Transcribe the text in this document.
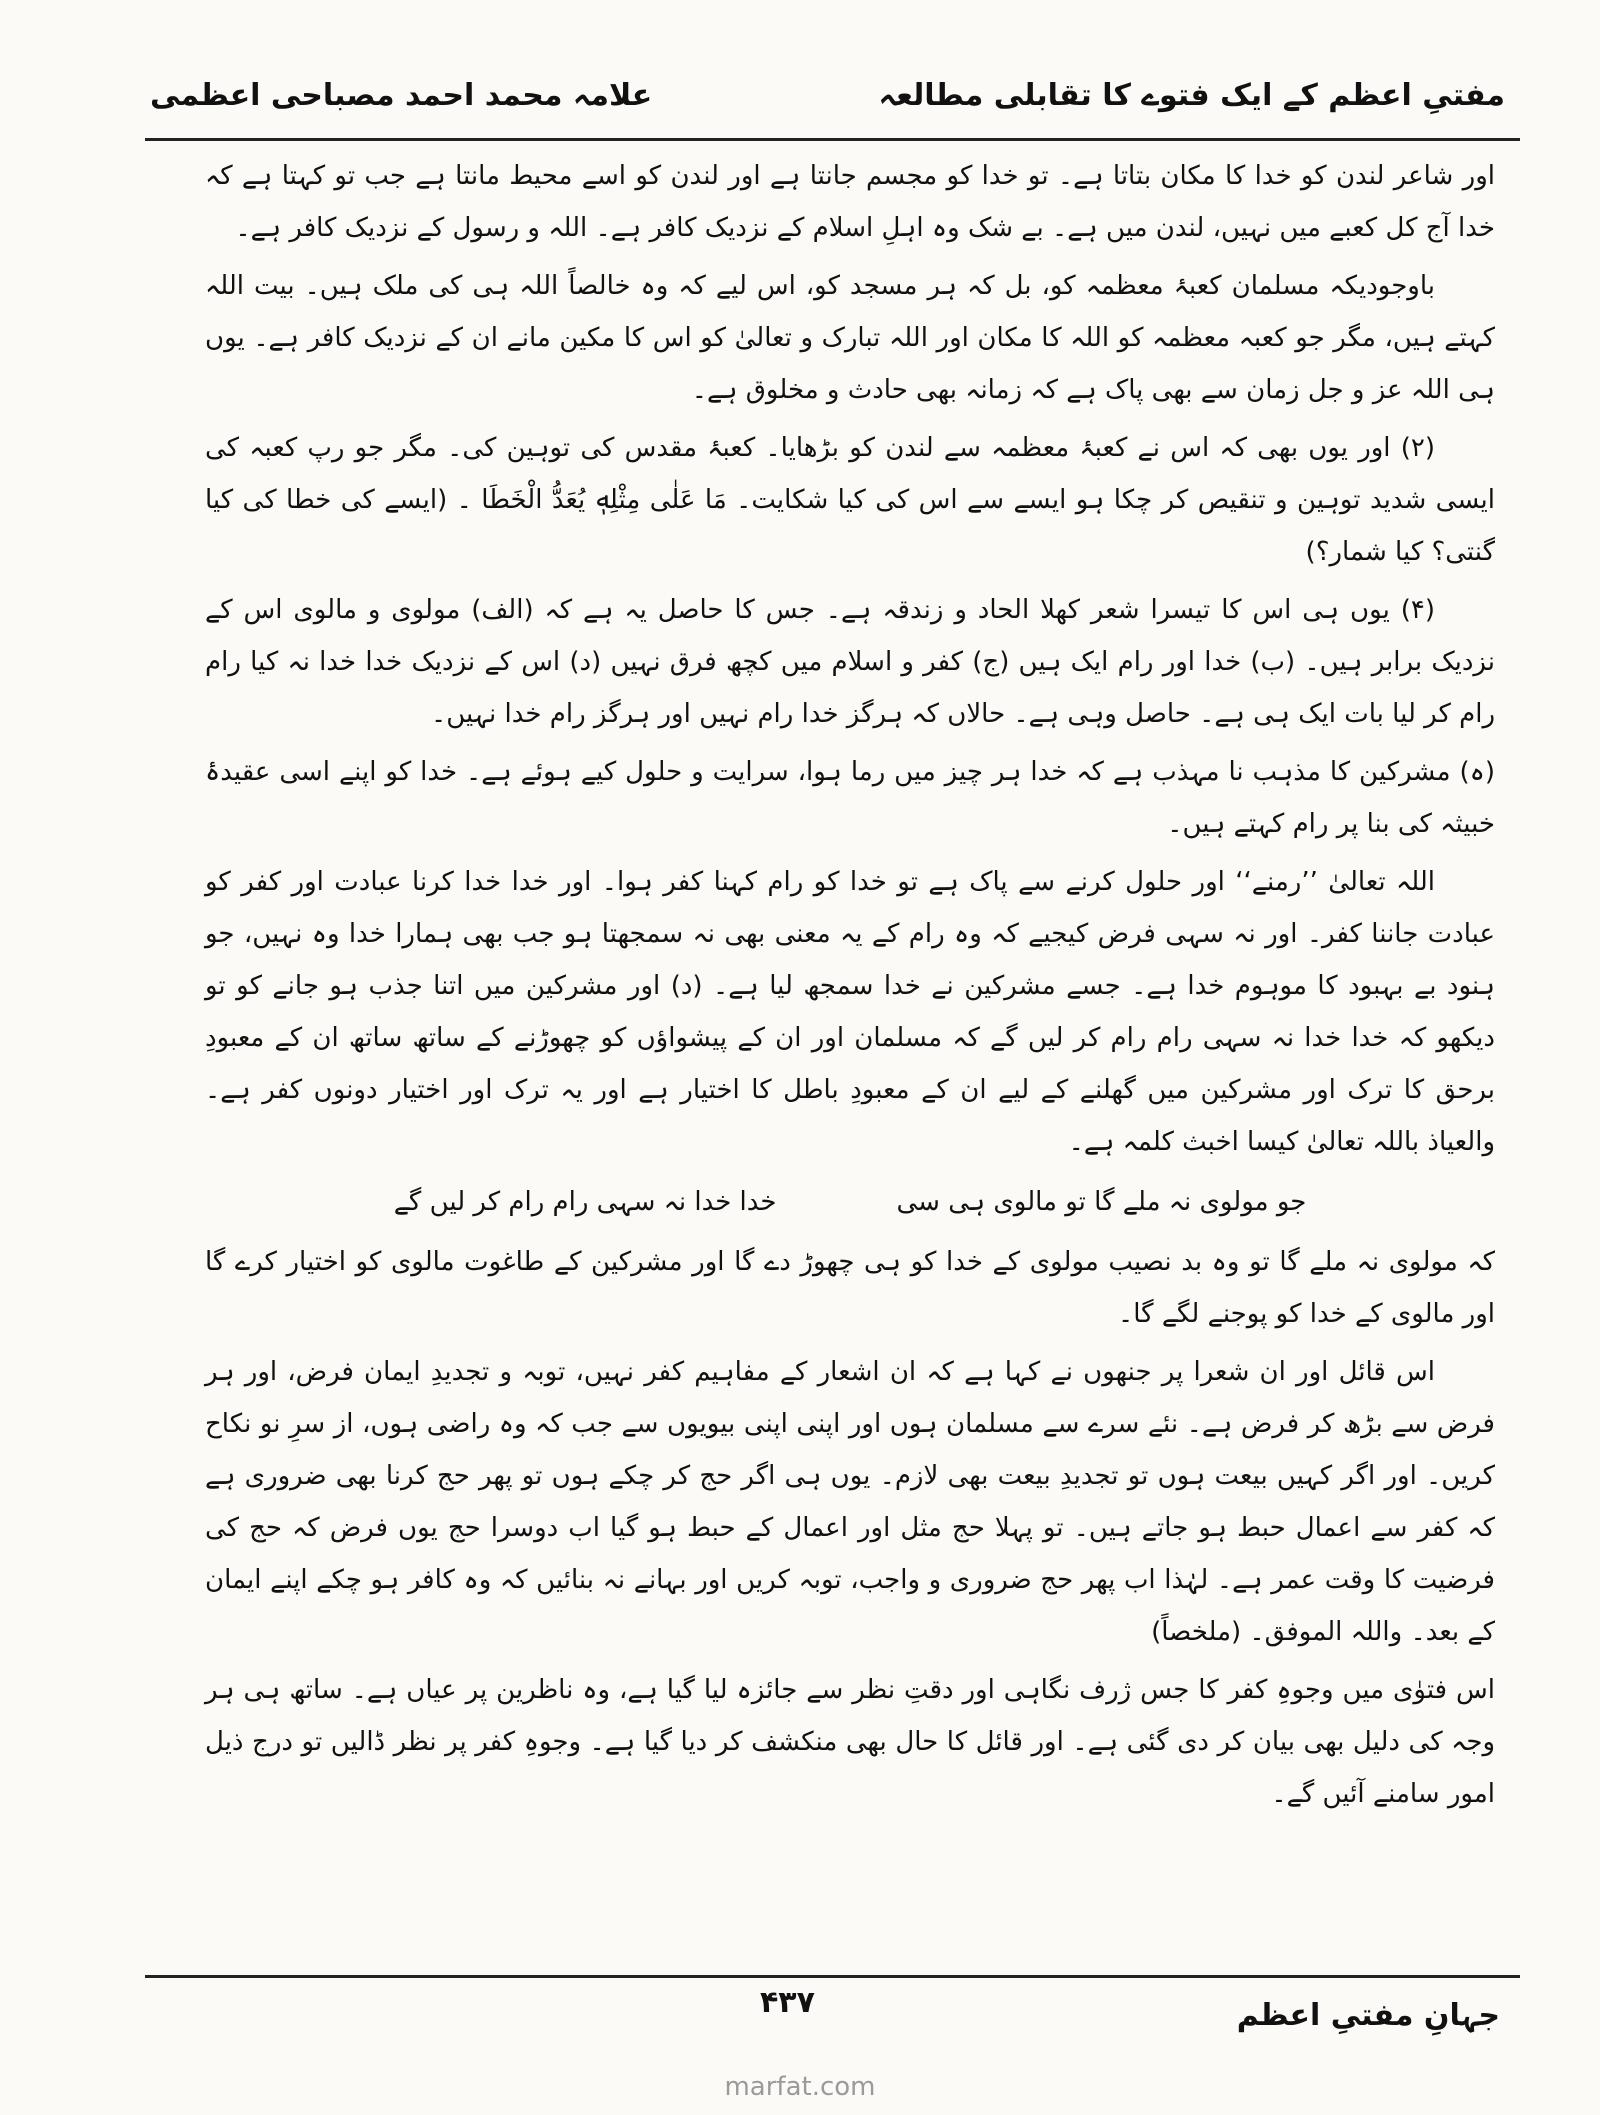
مفتیِ اعظم کے ایک فتوے کا تقابلی مطالعہ
علامہ محمد احمد مصباحی اعظمی

اور شاعر لندن کو خدا کا مکان بتاتا ہے۔ تو خدا کو مجسم جانتا ہے اور لندن کو اسے محیط مانتا ہے جب تو کہتا ہے کہ خدا آج کل کعبے میں نہیں، لندن میں ہے۔ بے شک وہ اہلِ اسلام کے نزدیک کافر ہے۔ اللہ و رسول کے نزدیک کافر ہے۔

باوجودیکہ مسلمان کعبۂ معظمہ کو، بل کہ ہر مسجد کو، اس لیے کہ وہ خالصاً اللہ ہی کی ملک ہیں۔ بیت اللہ کہتے ہیں، مگر جو کعبہ معظمہ کو اللہ کا مکان اور اللہ تبارک و تعالیٰ کو اس کا مکین مانے ان کے نزدیک کافر ہے۔ یوں ہی اللہ عز و جل زمان سے بھی پاک ہے کہ زمانہ بھی حادث و مخلوق ہے۔

(۲) اور یوں بھی کہ اس نے کعبۂ معظمہ سے لندن کو بڑھایا۔ کعبۂ مقدس کی توہین کی۔ مگر جو رپ کعبہ کی ایسی شدید توہین و تنقیص کر چکا ہو ایسے سے اس کی کیا شکایت۔ مَا عَلٰی مِثْلِهٖ یُعَدُّ الْخَطَا ۔ (ایسے کی خطا کی کیا گنتی؟ کیا شمار؟)

(۴) یوں ہی اس کا تیسرا شعر کھلا الحاد و زندقہ ہے۔ جس کا حاصل یہ ہے کہ (الف) مولوی و مالوی اس کے نزدیک برابر ہیں۔ (ب) خدا اور رام ایک ہیں (ج) کفر و اسلام میں کچھ فرق نہیں (د) اس کے نزدیک خدا خدا نہ کیا رام رام کر لیا بات ایک ہی ہے۔ حاصل وہی ہے۔ حالاں کہ ہرگز خدا رام نہیں اور ہرگز رام خدا نہیں۔

(ہ) مشرکین کا مذہب نا مہذب ہے کہ خدا ہر چیز میں رما ہوا، سرایت و حلول کیے ہوئے ہے۔ خدا کو اپنے اسی عقیدۂ خبیثہ کی بنا پر رام کہتے ہیں۔

اللہ تعالیٰ ’’رمنے‘‘ اور حلول کرنے سے پاک ہے تو خدا کو رام کہنا کفر ہوا۔ اور خدا خدا کرنا عبادت اور کفر کو عبادت جاننا کفر۔ اور نہ سہی فرض کیجیے کہ وہ رام کے یہ معنی بھی نہ سمجھتا ہو جب بھی ہمارا خدا وہ نہیں، جو ہنود بے بہبود کا موہوم خدا ہے۔ جسے مشرکین نے خدا سمجھ لیا ہے۔ (د) اور مشرکین میں اتنا جذب ہو جانے کو تو دیکھو کہ خدا خدا نہ سہی رام رام کر لیں گے کہ مسلمان اور ان کے پیشواؤں کو چھوڑنے کے ساتھ ساتھ ان کے معبودِ برحق کا ترک اور مشرکین میں گھلنے کے لیے ان کے معبودِ باطل کا اختیار ہے اور یہ ترک اور اختیار دونوں کفر ہے۔ والعیاذ باللہ تعالیٰ کیسا اخبث کلمہ ہے۔

جو مولوی نہ ملے گا تو مالوی ہی سی
خدا خدا نہ سہی رام رام کر لیں گے

کہ مولوی نہ ملے گا تو وہ بد نصیب مولوی کے خدا کو ہی چھوڑ دے گا اور مشرکین کے طاغوت مالوی کو اختیار کرے گا اور مالوی کے خدا کو پوجنے لگے گا۔

اس قائل اور ان شعرا پر جنھوں نے کہا ہے کہ ان اشعار کے مفاہیم کفر نہیں، توبہ و تجدیدِ ایمان فرض، اور ہر فرض سے بڑھ کر فرض ہے۔ نئے سرے سے مسلمان ہوں اور اپنی اپنی بیویوں سے جب کہ وہ راضی ہوں، از سرِ نو نکاح کریں۔ اور اگر کہیں بیعت ہوں تو تجدیدِ بیعت بھی لازم۔ یوں ہی اگر حج کر چکے ہوں تو پھر حج کرنا بھی ضروری ہے کہ کفر سے اعمال حبط ہو جاتے ہیں۔ تو پہلا حج مثل اور اعمال کے حبط ہو گیا اب دوسرا حج یوں فرض کہ حج کی فرضیت کا وقت عمر ہے۔ لہٰذا اب پھر حج ضروری و واجب، توبہ کریں اور بہانے نہ بنائیں کہ وہ کافر ہو چکے اپنے ایمان کے بعد۔ واللہ الموفق۔ (ملخصاً)

اس فتوٰی میں وجوہِ کفر کا جس ژرف نگاہی اور دقتِ نظر سے جائزہ لیا گیا ہے، وہ ناظرین پر عیاں ہے۔ ساتھ ہی ہر وجہ کی دلیل بھی بیان کر دی گئی ہے۔ اور قائل کا حال بھی منکشف کر دیا گیا ہے۔ وجوہِ کفر پر نظر ڈالیں تو درج ذیل امور سامنے آئیں گے۔

جہانِ مفتیِ اعظم
۴۳۷
marfat.com
